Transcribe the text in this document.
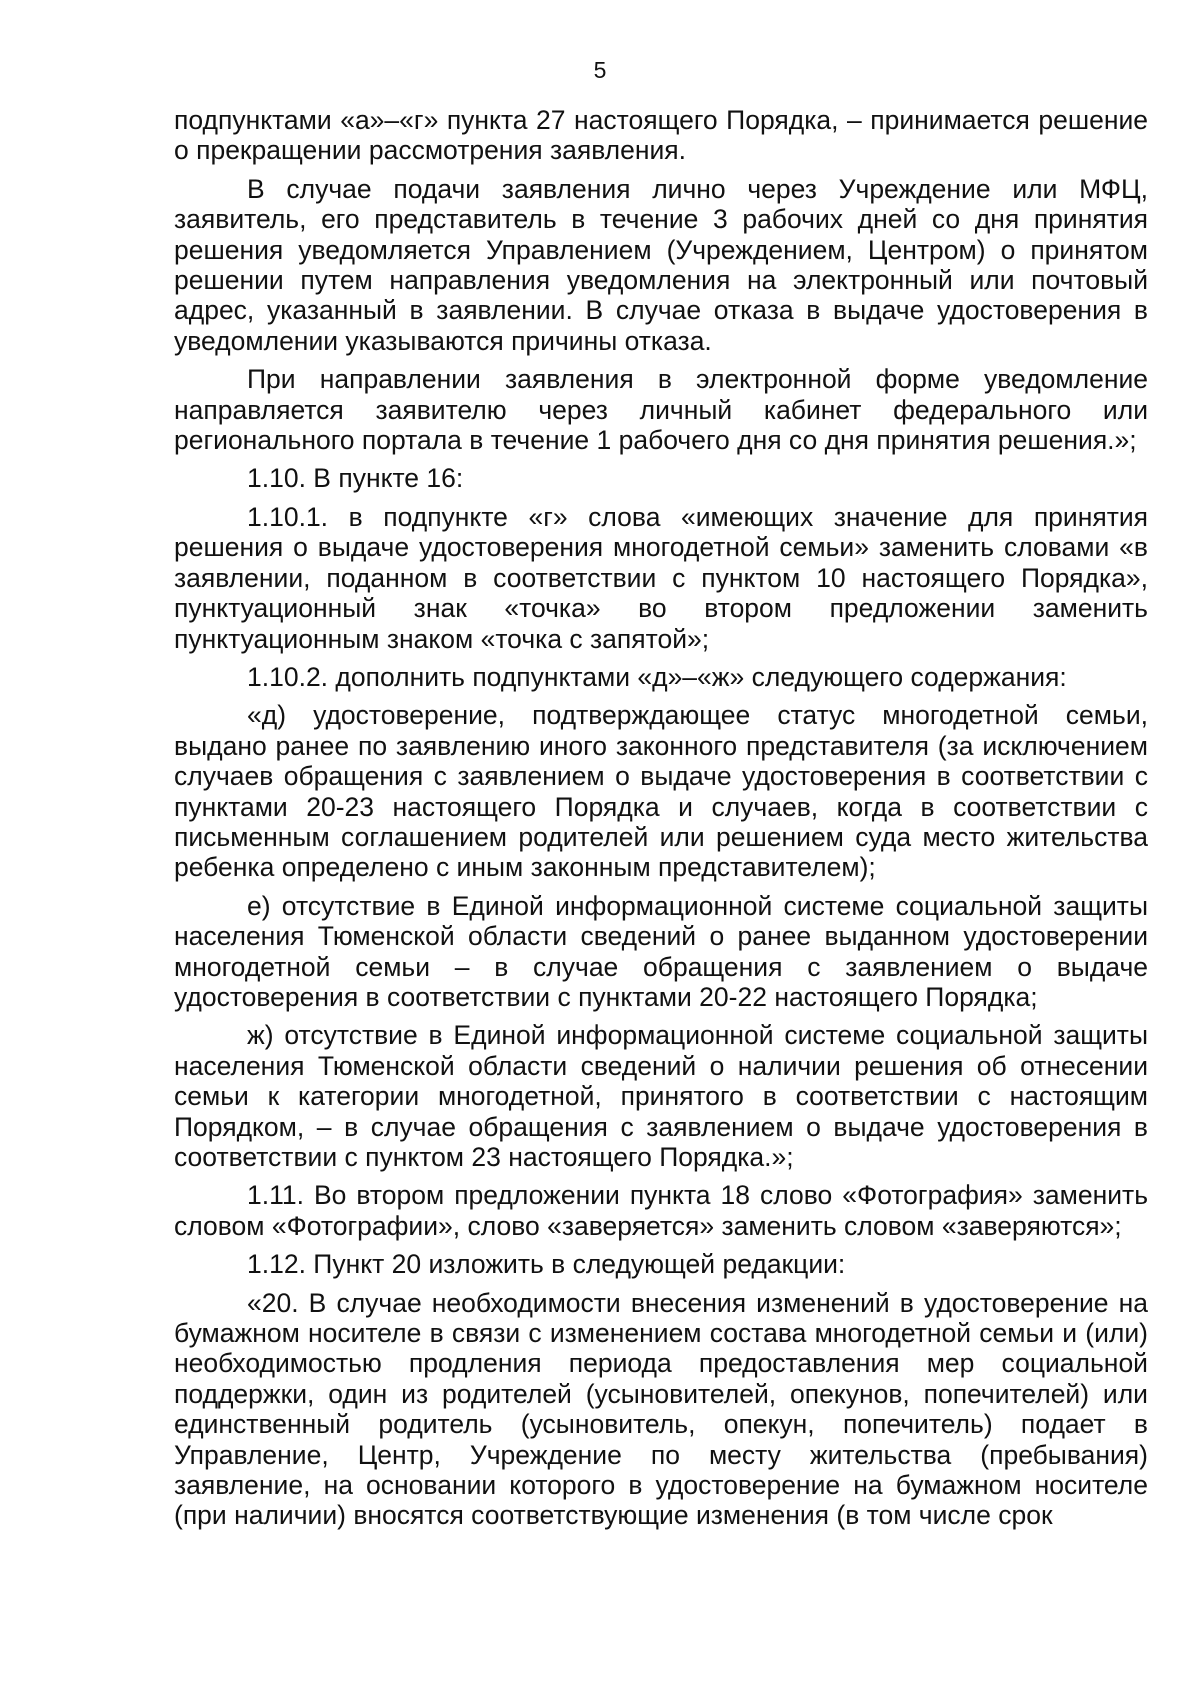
5

подпунктами «а»–«г» пункта 27 настоящего Порядка, – принимается решение о прекращении рассмотрения заявления.

В случае подачи заявления лично через Учреждение или МФЦ, заявитель, его представитель в течение 3 рабочих дней со дня принятия решения уведомляется Управлением (Учреждением, Центром) о принятом решении путем направления уведомления на электронный или почтовый адрес, указанный в заявлении. В случае отказа в выдаче удостоверения в уведомлении указываются причины отказа.

При направлении заявления в электронной форме уведомление направляется заявителю через личный кабинет федерального или регионального портала в течение 1 рабочего дня со дня принятия решения.»;

1.10. В пункте 16:

1.10.1. в подпункте «г» слова «имеющих значение для принятия решения о выдаче удостоверения многодетной семьи» заменить словами «в заявлении, поданном в соответствии с пунктом 10 настоящего Порядка», пунктуационный знак «точка» во втором предложении заменить пунктуационным знаком «точка с запятой»;

1.10.2. дополнить подпунктами «д»–«ж» следующего содержания:

«д) удостоверение, подтверждающее статус многодетной семьи, выдано ранее по заявлению иного законного представителя (за исключением случаев обращения с заявлением о выдаче удостоверения в соответствии с пунктами 20-23 настоящего Порядка и случаев, когда в соответствии с письменным соглашением родителей или решением суда место жительства ребенка определено с иным законным представителем);

е) отсутствие в Единой информационной системе социальной защиты населения Тюменской области сведений о ранее выданном удостоверении многодетной семьи – в случае обращения с заявлением о выдаче удостоверения в соответствии с пунктами 20-22 настоящего Порядка;

ж) отсутствие в Единой информационной системе социальной защиты населения Тюменской области сведений о наличии решения об отнесении семьи к категории многодетной, принятого в соответствии с настоящим Порядком, – в случае обращения с заявлением о выдаче удостоверения в соответствии с пунктом 23 настоящего Порядка.»;

1.11. Во втором предложении пункта 18 слово «Фотография» заменить словом «Фотографии», слово «заверяется» заменить словом «заверяются»;

1.12. Пункт 20 изложить в следующей редакции:

«20. В случае необходимости внесения изменений в удостоверение на бумажном носителе в связи с изменением состава многодетной семьи и (или) необходимостью продления периода предоставления мер социальной поддержки, один из родителей (усыновителей, опекунов, попечителей) или единственный родитель (усыновитель, опекун, попечитель) подает в Управление, Центр, Учреждение по месту жительства (пребывания) заявление, на основании которого в удостоверение на бумажном носителе (при наличии) вносятся соответствующие изменения (в том числе срок
